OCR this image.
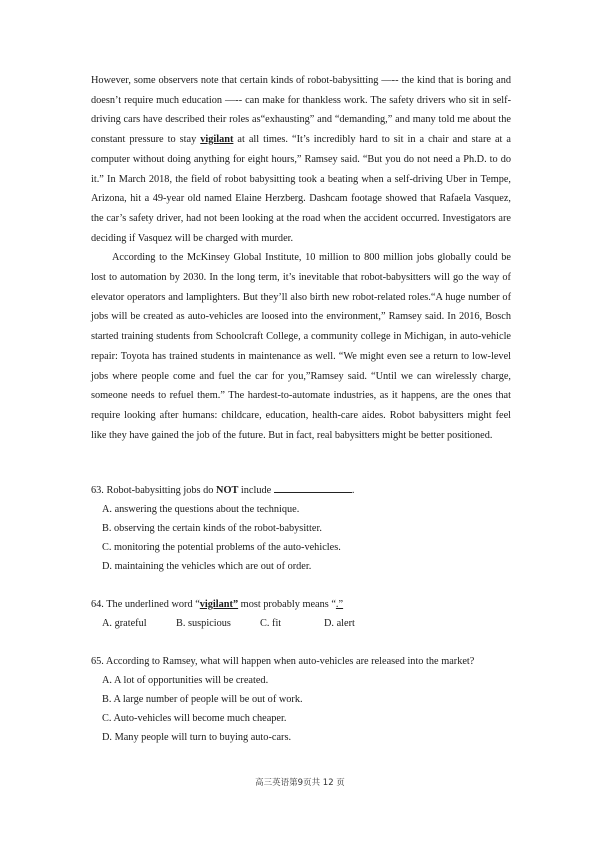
However, some observers note that certain kinds of robot-babysitting —-- the kind that is boring and doesn’t require much education —-- can make for thankless work. The safety drivers who sit in self-driving cars have described their roles as“exhausting” and “demanding,” and many told me about the constant pressure to stay vigilant at all times. “It’s incredibly hard to sit in a chair and stare at a computer without doing anything for eight hours,” Ramsey said. “But you do not need a Ph.D. to do it.” In March 2018, the field of robot babysitting took a beating when a self-driving Uber in Tempe, Arizona, hit a 49-year old named Elaine Herzberg. Dashcam footage showed that Rafaela Vasquez, the car’s safety driver, had not been looking at the road when the accident occurred. Investigators are deciding if Vasquez will be charged with murder.

According to the McKinsey Global Institute, 10 million to 800 million jobs globally could be lost to automation by 2030. In the long term, it’s inevitable that robot-babysitters will go the way of elevator operators and lamplighters. But they’ll also birth new robot-related roles.“A huge number of jobs will be created as auto-vehicles are loosed into the environment,” Ramsey said. In 2016, Bosch started training students from Schoolcraft College, a community college in Michigan, in auto-vehicle repair: Toyota has trained students in maintenance as well. “We might even see a return to low-level jobs where people come and fuel the car for you,”Ramsey said. “Until we can wirelessly charge, someone needs to refuel them.” The hardest-to-automate industries, as it happens, are the ones that require looking after humans: childcare, education, health-care aides. Robot babysitters might feel like they have gained the job of the future. But in fact, real babysitters might be better positioned.

63. Robot-babysitting jobs do NOT include	.

A. answering the questions about the technique.
B. observing the certain kinds of the robot-babysitter.
C. monitoring the potential problems of the auto-vehicles.
D. maintaining the vehicles which are out of order.

64. The underlined word “vigilant” most probably means “.”

A. grateful	B. suspicious	C. fit	D. alert

65. According to Ramsey, what will happen when auto-vehicles are released into the market?

A. A lot of opportunities will be created.
B. A large number of people will be out of work.
C. Auto-vehicles will become much cheaper.
D. Many people will turn to buying auto-cars.
高三英语第9页共 12 页
